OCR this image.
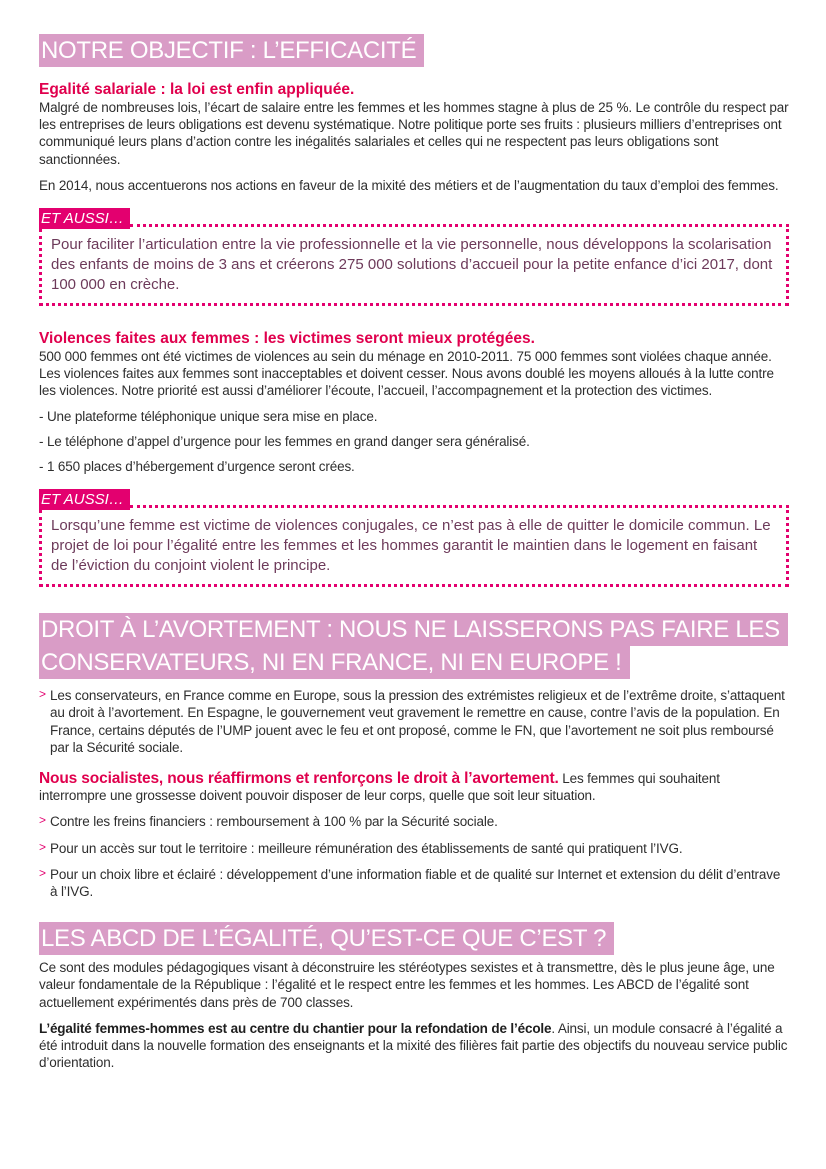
NOTRE OBJECTIF : L’EFFICACITÉ
Egalité salariale : la loi est enfin appliquée.

Malgré de nombreuses lois, l’écart de salaire entre les femmes et les hommes stagne à plus de 25 %. Le contrôle du respect par les entreprises de leurs obligations est devenu systématique. Notre politique porte ses fruits : plusieurs milliers d’entreprises ont communiqué leurs plans d’action contre les inégalités salariales et celles qui ne respectent pas leurs obligations sont sanctionnées.

En 2014, nous accentuerons nos actions en faveur de la mixité des métiers et de l’augmentation du taux d’emploi des femmes.

ET AUSSI…
Pour faciliter l’articulation entre la vie professionnelle et la vie personnelle, nous développons la scolarisation des enfants de moins de 3 ans et créerons 275 000 solutions d’accueil pour la petite enfance d’ici 2017, dont 100 000 en crèche.
Violences faites aux femmes : les victimes seront mieux protégées.

500 000 femmes ont été victimes de violences au sein du ménage en 2010-2011. 75 000 femmes sont violées chaque année. Les violences faites aux femmes sont inacceptables et doivent cesser. Nous avons doublé les moyens alloués à la lutte contre les violences. Notre priorité est aussi d’améliorer l’écoute, l’accueil, l’accompagnement et la protection des victimes.

- Une plateforme téléphonique unique sera mise en place.

- Le téléphone d’appel d’urgence pour les femmes en grand danger sera généralisé.

- 1 650 places d’hébergement d’urgence seront crées.

ET AUSSI…
Lorsqu’une femme est victime de violences conjugales, ce n’est pas à elle de quitter le domicile commun. Le projet de loi pour l’égalité entre les femmes et les hommes garantit le maintien dans le logement en faisant de l’éviction du conjoint violent le principe.
DROIT À L’AVORTEMENT : NOUS NE LAISSERONS PAS FAIRE LES
CONSERVATEURS, NI EN FRANCE, NI EN EUROPE !
> Les conservateurs, en France comme en Europe, sous la pression des extrémistes religieux et de l’extrême droite, s’attaquent au droit à l’avortement. En Espagne, le gouvernement veut gravement le remettre en cause, contre l’avis de la population. En France, certains députés de l’UMP jouent avec le feu et ont proposé, comme le FN, que l’avortement ne soit plus remboursé par la Sécurité sociale.

Nous socialistes, nous réaffirmons et renforçons le droit à l’avortement. Les femmes qui souhaitent interrompre une grossesse doivent pouvoir disposer de leur corps, quelle que soit leur situation.

> Contre les freins financiers : remboursement à 100 % par la Sécurité sociale.

> Pour un accès sur tout le territoire : meilleure rémunération des établissements de santé qui pratiquent l’IVG.

> Pour un choix libre et éclairé : développement d’une information fiable et de qualité sur Internet et extension du délit d’entrave à l’IVG.

LES ABCD DE L’ÉGALITÉ, QU’EST-CE QUE C’EST ?

Ce sont des modules pédagogiques visant à déconstruire les stéréotypes sexistes et à transmettre, dès le plus jeune âge, une valeur fondamentale de la République : l’égalité et le respect entre les femmes et les hommes. Les ABCD de l’égalité sont actuellement expérimentés dans près de 700 classes.

L’égalité femmes-hommes est au centre du chantier pour la refondation de l’école. Ainsi, un module consacré à l’égalité a été introduit dans la nouvelle formation des enseignants et la mixité des filières fait partie des objectifs du nouveau service public d’orientation.
